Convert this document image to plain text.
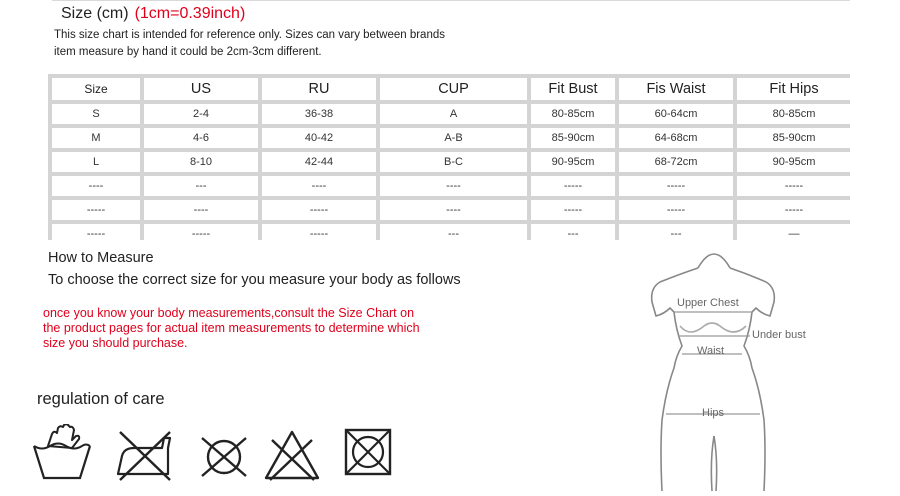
Size (cm) (1cm=0.39inch)
This size chart is intended for reference only. Sizes can vary between brands
item measure by hand it could be 2cm-3cm different.
Size	US	RU	CUP	Fit Bust	Fis Waist	Fit Hips
S	2-4	36-38	A	80-85cm	60-64cm	80-85cm
M	4-6	40-42	A-B	85-90cm	64-68cm	85-90cm
L	8-10	42-44	B-C	90-95cm	68-72cm	90-95cm
----	---	----	----	-----	-----	-----
-----	----	-----	----	-----	-----	-----
-----	-----	-----	---	---	---	—
How to Measure
To choose the correct size for you measure your body as follows
once you know your body measurements,consult the Size Chart on the product pages for actual item measurements to determine which size you should purchase.
regulation of care
Upper Chest
Under bust
Waist
Hips
